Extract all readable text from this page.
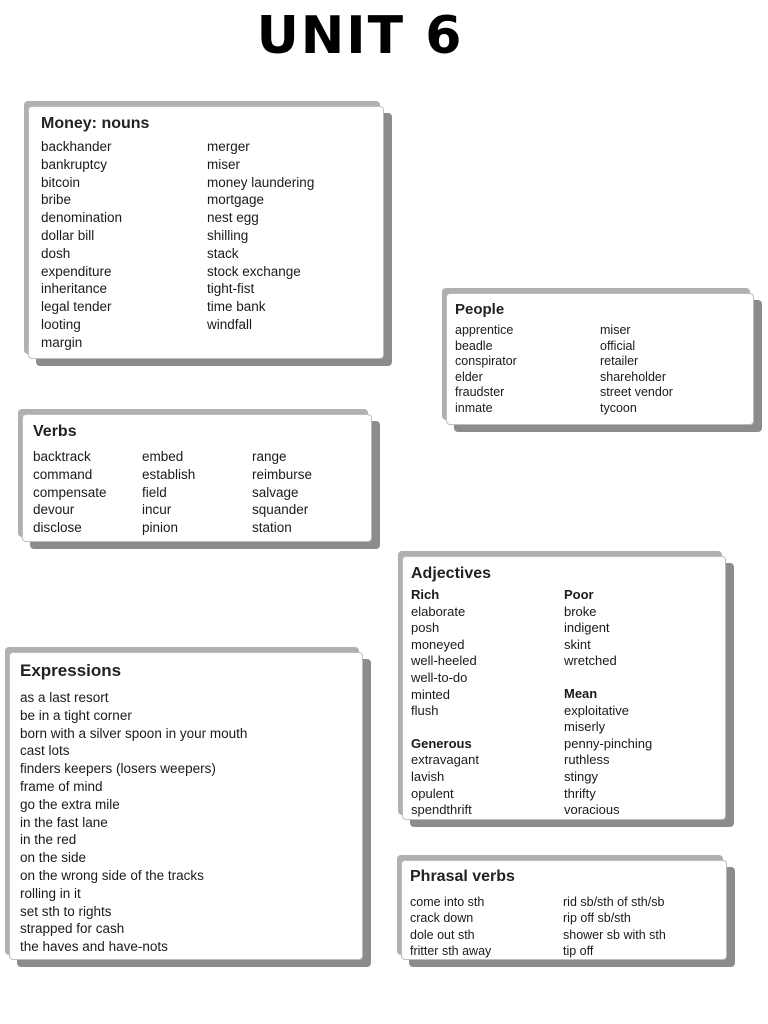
UNIT 6
Money: nouns
backhander
bankruptcy
bitcoin
bribe
denomination
dollar bill
dosh
expenditure
inheritance
legal tender
looting
margin
merger
miser
money laundering
mortgage
nest egg
shilling
stack
stock exchange
tight-fist
time bank
windfall
People
apprentice
beadle
conspirator
elder
fraudster
inmate
miser
official
retailer
shareholder
street vendor
tycoon
Verbs
backtrack
command
compensate
devour
disclose
embed
establish
field
incur
pinion
range
reimburse
salvage
squander
station
Adjectives
Rich
elaborate
posh
moneyed
well-heeled
well-to-do
minted
flush
Generous
extravagant
lavish
opulent
spendthrift
Poor
broke
indigent
skint
wretched
Mean
exploitative
miserly
penny-pinching
ruthless
stingy
thrifty
voracious
Expressions
as a last resort
be in a tight corner
born with a silver spoon in your mouth
cast lots
finders keepers (losers weepers)
frame of mind
go the extra mile
in the fast lane
in the red
on the side
on the wrong side of the tracks
rolling in it
set sth to rights
strapped for cash
the haves and have-nots
Phrasal verbs
come into sth
crack down
dole out sth
fritter sth away
rid sb/sth of sth/sb
rip off sb/sth
shower sb with sth
tip off
